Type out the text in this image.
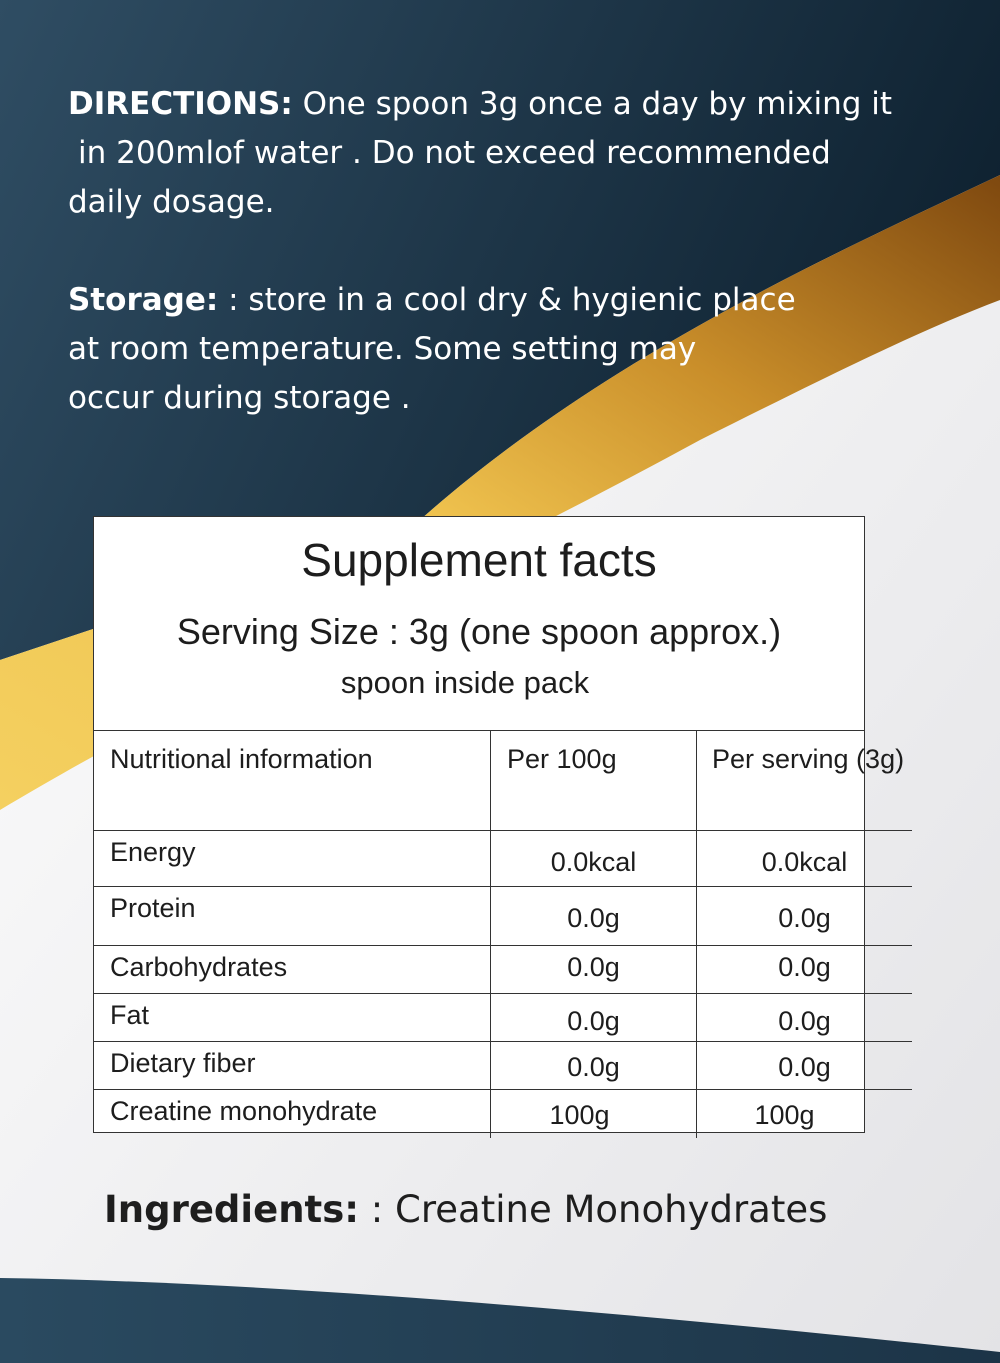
DIRECTIONS: One spoon 3g once a day by mixing it
in 200mlof water . Do not exceed recommended
daily dosage.
Storage: : store in a cool dry & hygienic place
at room temperature. Some setting may
occur during storage .
Supplement facts
Serving Size : 3g (one spoon approx.)
spoon inside pack
Nutritional information	Per 100g	Per serving (3g)
Energy	0.0kcal	0.0kcal
Protein	0.0g	0.0g
Carbohydrates	0.0g	0.0g
Fat	0.0g	0.0g
Dietary fiber	0.0g	0.0g
Creatine monohydrate	100g	100g
Ingredients: : Creatine Monohydrates
